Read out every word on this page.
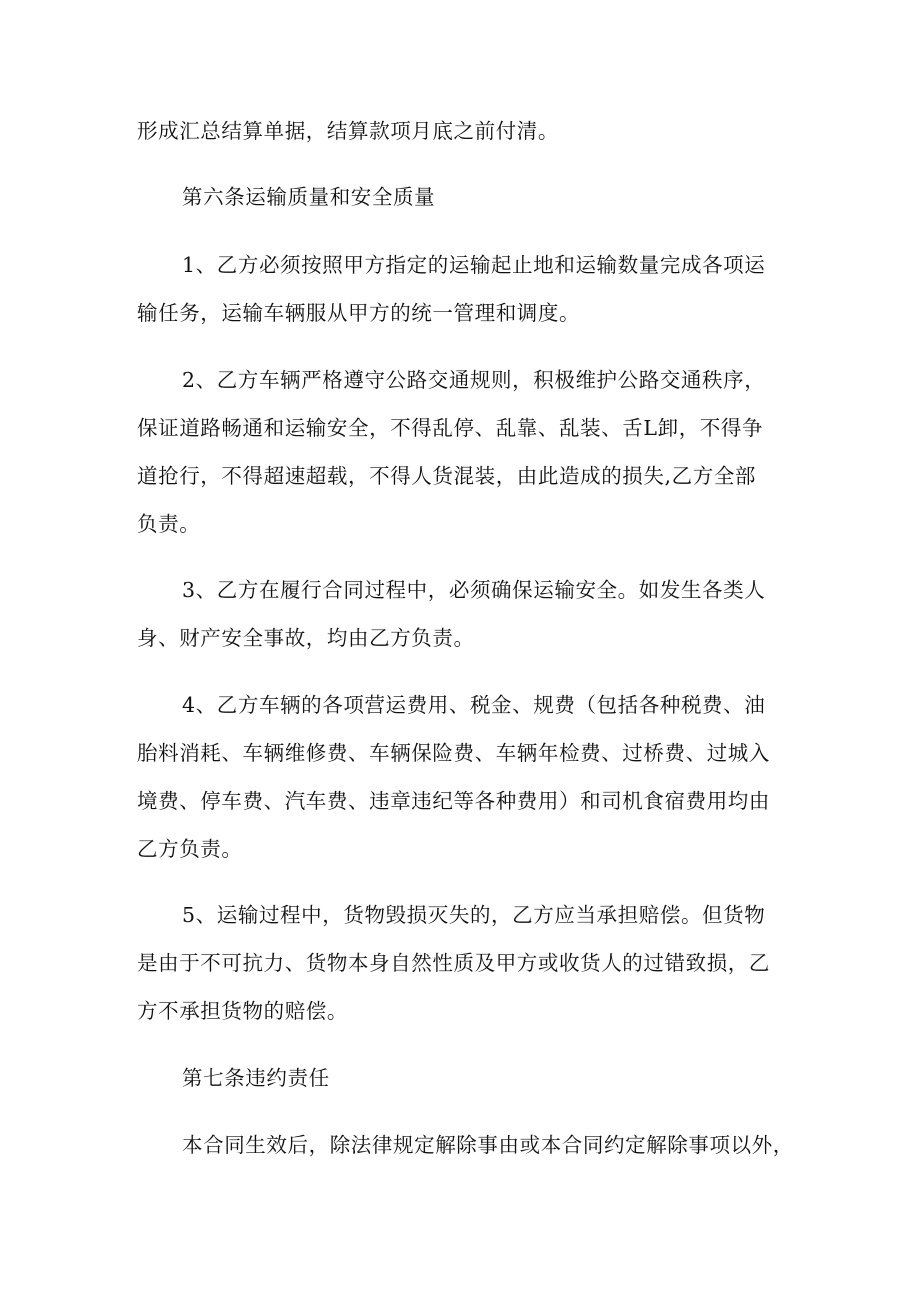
形成汇总结算单据，结算款项月底之前付清。
第六条运输质量和安全质量
1、乙方必须按照甲方指定的运输起止地和运输数量完成各项运
输任务，运输车辆服从甲方的统一管理和调度。
2、乙方车辆严格遵守公路交通规则，积极维护公路交通秩序，
保证道路畅通和运输安全，不得乱停、乱靠、乱装、舌L卸，不得争
道抢行，不得超速超载，不得人货混装，由此造成的损失,乙方全部
负责。
3、乙方在履行合同过程中，必须确保运输安全。如发生各类人
身、财产安全事故，均由乙方负责。
4、乙方车辆的各项营运费用、税金、规费（包括各种税费、油
胎料消耗、车辆维修费、车辆保险费、车辆年检费、过桥费、过城入
境费、停车费、汽车费、违章违纪等各种费用）和司机食宿费用均由
乙方负责。
5、运输过程中，货物毁损灭失的，乙方应当承担赔偿。但货物
是由于不可抗力、货物本身自然性质及甲方或收货人的过错致损，乙
方不承担货物的赔偿。
第七条违约责任
本合同生效后，除法律规定解除事由或本合同约定解除事项以外，
